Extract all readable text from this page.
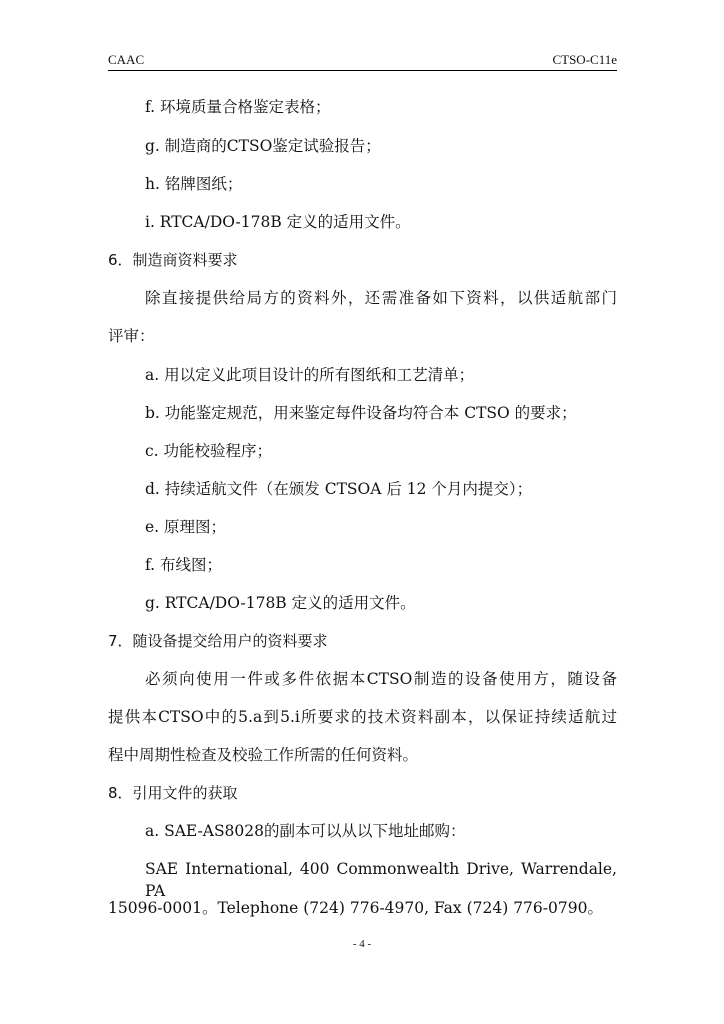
CAAC	CTSO-C11e
f. 环境质量合格鉴定表格；
g. 制造商的CTSO鉴定试验报告；
h. 铭牌图纸；
i. RTCA/DO-178B 定义的适用文件。
6．制造商资料要求
除直接提供给局方的资料外，还需准备如下资料，以供适航部门
评审：
a. 用以定义此项目设计的所有图纸和工艺清单；
b. 功能鉴定规范，用来鉴定每件设备均符合本 CTSO 的要求；
c. 功能校验程序；
d. 持续适航文件（在颁发 CTSOA 后 12 个月内提交）；
e. 原理图；
f. 布线图；
g. RTCA/DO-178B 定义的适用文件。
7．随设备提交给用户的资料要求
必须向使用一件或多件依据本CTSO制造的设备使用方，随设备
提供本CTSO中的5.a到5.i所要求的技术资料副本，以保证持续适航过
程中周期性检查及校验工作所需的任何资料。
8．引用文件的获取
a. SAE-AS8028的副本可以从以下地址邮购：
SAE International, 400 Commonwealth Drive, Warrendale, PA
15096-0001。Telephone (724) 776-4970, Fax (724) 776-0790。
- 4 -
